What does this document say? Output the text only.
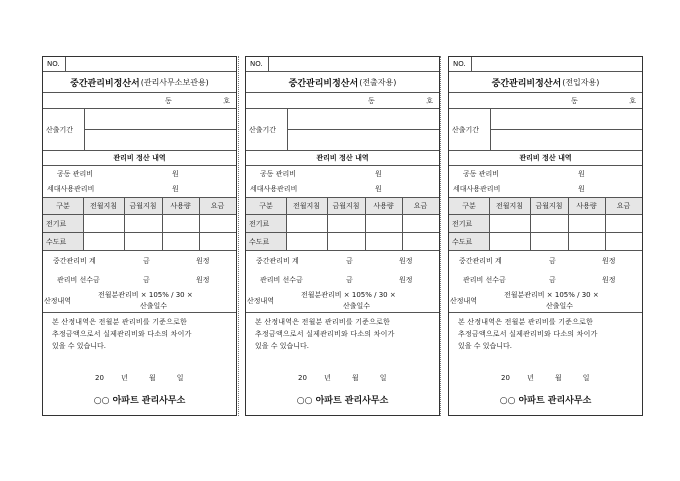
NO.
중간관리비정산서 (관리사무소보관용)
동	호
산출기간
관리비 정산 내역
공동 관리비	원
세대사용관리비	원
구분	전월지침	금월지침	사용량	요금
전기료
수도료
중간관리비 계	금	원정
관리비 선수금	금	원정
산정내역
전월분관리비 × 105% / 30 ×
산출일수
본 산정내역은 전월분 관리비를 기준으로한
추정금액으로서 실제관리비와 다소의 차이가
있을 수 있습니다.
20 년	월	일
○○ 아파트 관리사무소
NO.
중간관리비정산서 (전출자용)
동	호
산출기간
관리비 정산 내역
공동 관리비	원
세대사용관리비	원
구분	전월지침	금월지침	사용량	요금
전기료
수도료
중간관리비 계	금	원정
관리비 선수금	금	원정
산정내역
전월분관리비 × 105% / 30 ×
산출일수
본 산정내역은 전월분 관리비를 기준으로한
추정금액으로서 실제관리비와 다소의 차이가
있을 수 있습니다.
20 년	월	일
○○ 아파트 관리사무소
NO.
중간관리비정산서 (전입자용)
동	호
산출기간
관리비 정산 내역
공동 관리비	원
세대사용관리비	원
구분	전월지침	금월지침	사용량	요금
전기료
수도료
중간관리비 계	금	원정
관리비 선수금	금	원정
산정내역
전월분관리비 × 105% / 30 ×
산출일수
본 산정내역은 전월분 관리비를 기준으로한
추정금액으로서 실제관리비와 다소의 차이가
있을 수 있습니다.
20 년	월	일
○○ 아파트 관리사무소
